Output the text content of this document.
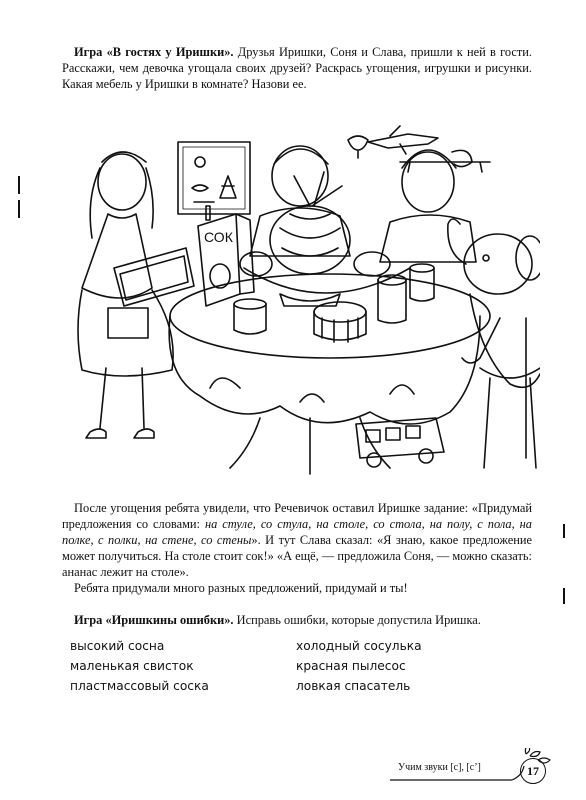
Игра «В гостях у Иришки». Друзья Иришки, Соня и Слава, пришли к ней в гости. Расскажи, чем девочка угощала своих друзей? Раскрась угощения, игрушки и рисунки. Какая мебель у Иришки в комнате? Назови ее.
СОК
После угощения ребята увидели, что Речевичок оставил Иришке задание: «Придумай предложения со словами: на стуле, со стула, на столе, со стола, на полу, с пола, на полке, с полки, на стене, со стены». И тут Слава сказал: «Я знаю, какое предложение может получиться. На столе стоит сок!» «А ещё, — предложила Соня, — можно сказать: ананас лежит на столе».
Ребята придумали много разных предложений, придумай и ты!
Игра «Иришкины ошибки». Исправь ошибки, которые допустила Иришка.
высокий сосна
маленькая свисток
пластмассовый соска
холодный сосулька
красная пылесос
ловкая спасатель
Учим звуки [с], [с’]	17
